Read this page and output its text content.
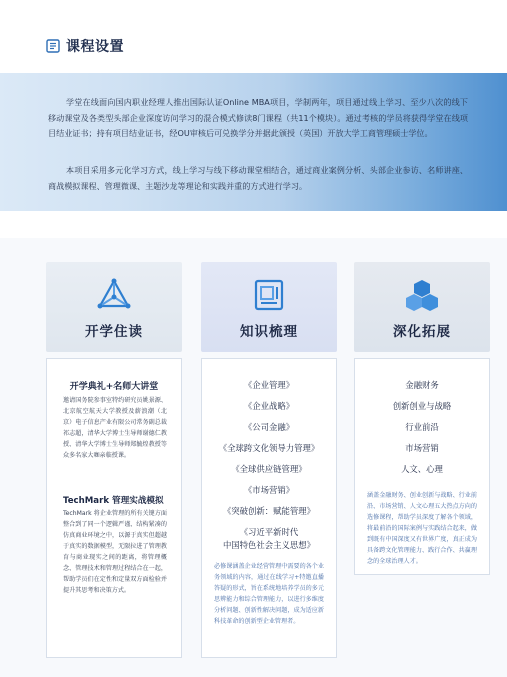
课程设置

学堂在线面向国内职业经理人推出国际认证Online MBA项目，学制两年，项目通过线上学习、至少八次的线下移动课堂及各类型头部企业深度访问学习的混合模式修读8门课程（共11个模块）。通过考核的学员将获得学堂在线项目结业证书；持有项目结业证书，经OU审核后可兑换学分并据此颁授（英国）开放大学工商管理硕士学位。

本项目采用多元化学习方式，线上学习与线下移动课堂相结合，通过商业案例分析、头部企业参访、名师讲座、商战模拟课程、管理微课、主题沙龙等理论和实践并重的方式进行学习。

开学住读	知识梳理	深化拓展
开学典礼+名师大讲堂
邀请国务院参事室特约研究员姚景源、北京航空航天大学教授及薪浪潮（北京）电子信息产业有限公司常务副总裁祁志超，清华大学博士生导师谢德仁教授、清华大学博士生导师郑毓煌教授等众多名家大咖亲临授课。
TechMark 管理实战模拟
TechMark 将企业管理的所有关键方面整合到了同一个逻辑严谨、结构紧凑的仿真商业环境之中，以源于真实但超越于真实的数据模型，无限拉进了管理教育与商业现实之间的距离，将管理概念、管理技术和管理过程结合在一起，帮助学员们在定性和定量双方面检验并提升其思考和决策方式。
《企业管理》
《企业战略》
《公司金融》
《全球跨文化领导力管理》
《全球供应链管理》
《市场营销》
《突破创新：赋能管理》
《习近平新时代
中国特色社会主义思想》
必修课涵盖企业经营管理中需要的各个业务领域的内容，通过在线学习+特邀直播答疑的形式，旨在系统地培养学员的多元思辨能力和综合管理能力，以进行多维度分析问题、创新性解决问题，成为适应新科技革命的创新型企业管理者。
金融财务
创新创业与战略
行业前沿
市场营销
人文、心理
涵盖金融财务、创业创新与战略、行业前沿、市场营销、人文心理五大热点方向的选修课程，帮助学员深度了解各个领域，将最前沿的国际案例与实践结合起来，做到既有中国深度又有世界广度，真正成为具备跨文化管理能力、践行合作、共赢理念的全球治理人才。
